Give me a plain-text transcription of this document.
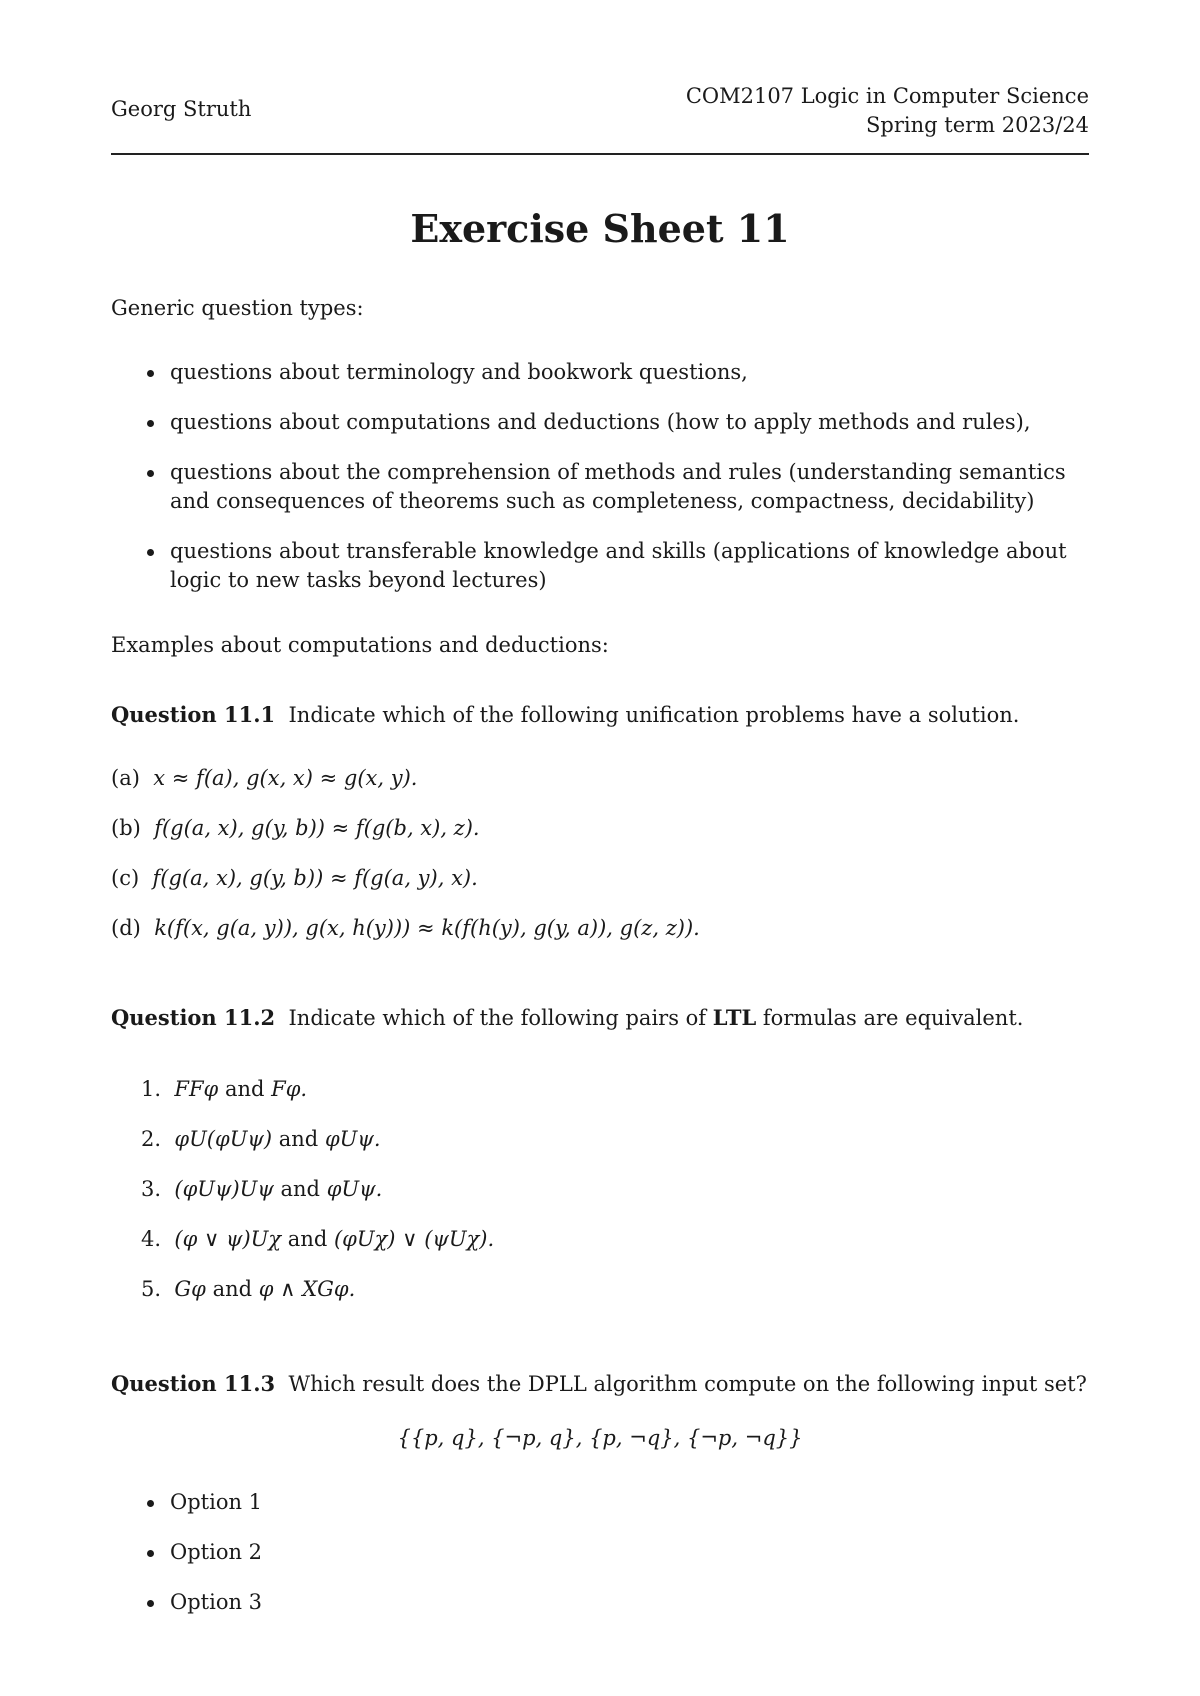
Georg Struth
COM2107 Logic in Computer Science
Spring term 2023/24
Exercise Sheet 11
Generic question types:
questions about terminology and bookwork questions,
questions about computations and deductions (how to apply methods and rules),
questions about the comprehension of methods and rules (understanding semantics and consequences of theorems such as completeness, compactness, decidability)
questions about transferable knowledge and skills (applications of knowledge about logic to new tasks beyond lectures)
Examples about computations and deductions:
Question 11.1 Indicate which of the following unification problems have a solution.
(a) x ≈ f(a), g(x, x) ≈ g(x, y).
(b) f(g(a, x), g(y, b)) ≈ f(g(b, x), z).
(c) f(g(a, x), g(y, b)) ≈ f(g(a, y), x).
(d) k(f(x, g(a, y)), g(x, h(y))) ≈ k(f(h(y), g(y, a)), g(z, z)).
Question 11.2 Indicate which of the following pairs of LTL formulas are equivalent.
1. FFφ and Fφ.
2. φU(φUψ) and φUψ.
3. (φUψ)Uψ and φUψ.
4. (φ ∨ ψ)Uχ and (φUχ) ∨ (ψUχ).
5. Gφ and φ ∧ XGφ.
Question 11.3 Which result does the DPLL algorithm compute on the following input set?
{{p, q}, {¬p, q}, {p, ¬q}, {¬p, ¬q}}
Option 1
Option 2
Option 3
